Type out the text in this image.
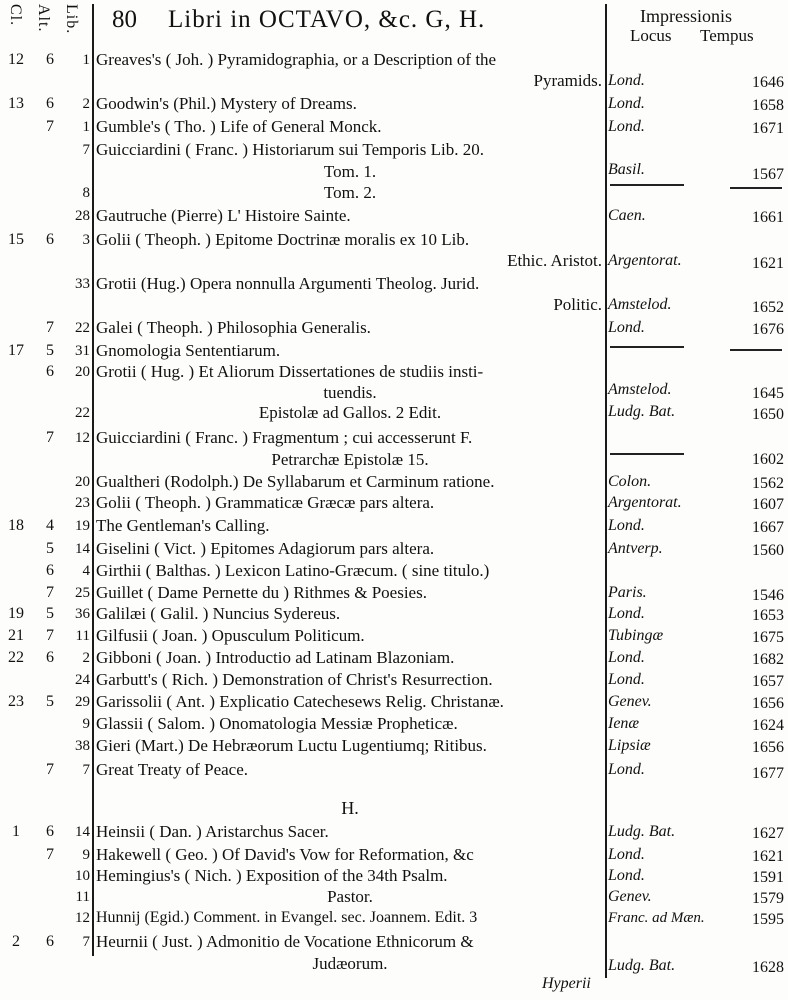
Cl. Alt. Lib. 80 Libri in OCTAVO, &c. G, H.	Impressionis
Locus Tempus
12	6	1 Greaves's ( Joh. ) Pyramidographia, or a Description of the
Pyramids. Lond.	1646
13	6	2 Goodwin's (Phil.) Mystery of Dreams.	Lond.	1658
7	1 Gumble's ( Tho. ) Life of General Monck.	Lond.	1671
7 Guicciardini ( Franc. ) Historiarum sui Temporis Lib. 20.
Tom. 1.	Basil.	1567
8	Tom. 2.
28 Gautruche (Pierre) L' Histoire Sainte.	Caen.	1661
15	6	3 Golii ( Theoph. ) Epitome Doctrinæ moralis ex 10 Lib.
Ethic. Aristot. Argentorat.	1621
33 Grotii (Hug.) Opera nonnulla Argumenti Theolog. Jurid.
Politic. Amstelod.	1652
7	22 Galei ( Theoph. ) Philosophia Generalis.	Lond.	1676
17	5	31 Gnomologia Sententiarum.
6	20 Grotii ( Hug. ) Et Aliorum Dissertationes de studiis insti-
tuendis.	Amstelod.	1645
22	Epistolæ ad Gallos. 2 Edit.	Ludg. Bat.	1650
7	12 Guicciardini ( Franc. ) Fragmentum ; cui accesserunt F.
Petrarchæ Epistolæ 15.	1602
20 Gualtheri (Rodolph.) De Syllabarum et Carminum ratione.	Colon.	1562
23 Golii ( Theoph. ) Grammaticæ Græcæ pars altera.	Argentorat.	1607
18	4	19 The Gentleman's Calling.	Lond.	1667
5	14 Giselini ( Vict. ) Epitomes Adagiorum pars altera.	Antverp.	1560
6	4 Girthii ( Balthas. ) Lexicon Latino-Græcum. ( sine titulo.)
7	25 Guillet ( Dame Pernette du ) Rithmes & Poesies.	Paris.	1546
19	5	36 Galilæi ( Galil. ) Nuncius Sydereus.	Lond.	1653
21	7	11 Gilfusii ( Joan. ) Opusculum Politicum.	Tubingæ	1675
22	6	2 Gibboni ( Joan. ) Introductio ad Latinam Blazoniam.	Lond.	1682
24 Garbutt's ( Rich. ) Demonstration of Christ's Resurrection.	Lond.	1657
23	5	29 Garissolii ( Ant. ) Explicatio Catechesews Relig. Christanæ.	Genev.	1656
9 Glassii ( Salom. ) Onomatologia Messiæ Propheticæ.	Ienæ	1624
38 Gieri (Mart.) De Hebræorum Luctu Lugentiumq; Ritibus.	Lipsiæ	1656
7	7 Great Treaty of Peace.	Lond.	1677
H.
1	6	14 Heinsii ( Dan. ) Aristarchus Sacer.	Ludg. Bat.	1627
7	9 Hakewell ( Geo. ) Of David's Vow for Reformation, &c	Lond.	1621
10 Hemingius's ( Nich. ) Exposition of the 34th Psalm.	Lond.	1591
11	Pastor.	Genev.	1579
12 Hunnij (Egid.) Comment. in Evangel. sec. Joannem. Edit. 3	Franc. ad Mæn.	1595
2	6	7 Heurnii ( Just. ) Admonitio de Vocatione Ethnicorum &
Judæorum.	Ludg. Bat.	1628
Hyperii
